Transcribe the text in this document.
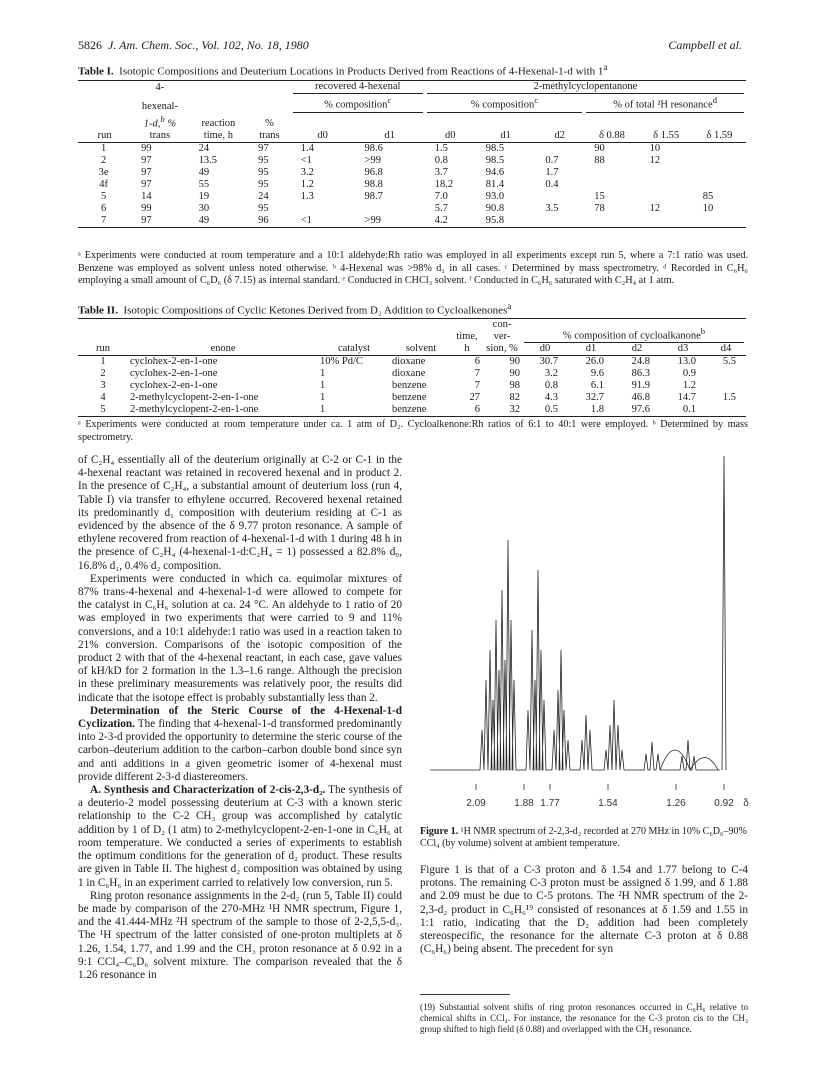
5826 J. Am. Chem. Soc., Vol. 102, No. 18, 1980	Campbell et al.
Table I. Isotopic Compositions and Deuterium Locations in Products Derived from Reactions of 4-Hexenal-1-d with 1$^a$
	4-			recovered 4-hexenal		2-methylcyclopentanone					

	hexenal-			% composition$^c$		% composition$^c$			% of total ²H resonance$^d$

	1-d,$^b$ %	reaction	%								
run	trans	time, h	trans	d0	d1	d0	d1	d2	δ 0.88	δ 1.55	δ 1.59
1	99	24	97	1.4	98.6	1.5	98.5		90	10	
2	97	13.5	95	<1	>99	0.8	98.5	0.7	88	12	
3e	97	49	95	3.2	96.8	3.7	94.6	1.7			
4f	97	55	95	1.2	98.8	18.2	81.4	0.4			
5	14	19	24	1.3	98.7	7.0	93.0		15		85
6	99	30	95			5.7	90.8	3.5	78	12	10
7	97	49	96	<1	>99	4.2	95.8				
ᵃ Experiments were conducted at room temperature and a 10:1 aldehyde:Rh ratio was employed in all experiments except run 5, where a 7:1 ratio was used. Benzene was employed as solvent unless noted otherwise. ᵇ 4-Hexenal was >98% d₁ in all cases. ᶜ Determined by mass spectrometry. ᵈ Recorded in C₆H₆ employing a small amount of C₆D₆ (δ 7.15) as internal standard. ᵉ Conducted in CHCl₃ solvent. ᶠ Conducted in C₆H₆ saturated with C₂H₄ at 1 atm.
Table II. Isotopic Compositions of Cyclic Ketones Derived from D₂ Addition to Cycloalkenones$^a$
					con-	% composition of cycloalkanone$^b$

				time,	ver-					
run	enone	catalyst	solvent	h	sion, %	d0	d1	d2	d3	d4
1	cyclohex-2-en-1-one	10% Pd/C	dioxane	6	90	30.7	26.0	24.8	13.0	5.5
2	cyclohex-2-en-1-one	1	dioxane	7	90	3.2	9.6	86.3	0.9	
3	cyclohex-2-en-1-one	1	benzene	7	98	0.8	6.1	91.9	1.2	
4	2-methylcyclopent-2-en-1-one	1	benzene	27	82	4.3	32.7	46.8	14.7	1.5
5	2-methylcyclopent-2-en-1-one	1	benzene	6	32	0.5	1.8	97.6	0.1	
ᵃ Experiments were conducted at room temperature under ca. 1 atm of D₂. Cycloalkenone:Rh ratios of 6:1 to 40:1 were employed. ᵇ Determined by mass spectrometry.

of C₂H₄ essentially all of the deuterium originally at C-2 or C-1 in the 4-hexenal reactant was retained in recovered hexenal and in product 2. In the presence of C₂H₄, a substantial amount of deuterium loss (run 4, Table I) via transfer to ethylene occurred. Recovered hexenal retained its predominantly d₁ composition with deuterium residing at C-1 as evidenced by the absence of the δ 9.77 proton resonance. A sample of ethylene recovered from reaction of 4-hexenal-1-d with 1 during 48 h in the presence of C₂H₄ (4-hexenal-1-d:C₂H₄ = 1) possessed a 82.8% d₀, 16.8% d₁, 0.4% d₂ composition.

Experiments were conducted in which ca. equimolar mixtures of 87% trans-4-hexenal and 4-hexenal-1-d were allowed to compete for the catalyst in C₆H₆ solution at ca. 24 °C. An aldehyde to 1 ratio of 20 was employed in two experiments that were carried to 9 and 11% conversions, and a 10:1 aldehyde:1 ratio was used in a reaction taken to 21% conversion. Comparisons of the isotopic composition of the product 2 with that of the 4-hexenal reactant, in each case, gave values of kH/kD for 2 formation in the 1.3–1.6 range. Although the precision in these preliminary measurements was relatively poor, the results did indicate that the isotope effect is probably substantially less than 2.

Determination of the Steric Course of the 4-Hexenal-1-d Cyclization. The finding that 4-hexenal-1-d transformed predominantly into 2-3-d provided the opportunity to determine the steric course of the carbon–deuterium addition to the carbon–carbon double bond since syn and anti additions in a given geometric isomer of 4-hexenal must provide different 2-3-d diastereomers.

A. Synthesis and Characterization of 2-cis-2,3-d₂. The synthesis of a deuterio-2 model possessing deuterium at C-3 with a known steric relationship to the C-2 CH₃ group was accomplished by catalytic addition by 1 of D₂ (1 atm) to 2-methylcyclopent-2-en-1-one in C₆H₆ at room temperature. We conducted a series of experiments to establish the optimum conditions for the generation of d₂ product. These results are given in Table II. The highest d₂ composition was obtained by using 1 in C₆H₆ in an experiment carried to relatively low conversion, run 5.

Ring proton resonance assignments in the 2-d₂ (run 5, Table II) could be made by comparison of the 270-MHz ¹H NMR spectrum, Figure 1, and the 41.444-MHz ²H spectrum of the sample to those of 2-2,5,5-d₃. The ¹H spectrum of the latter consisted of one-proton multiplets at δ 1.26, 1.54, 1.77, and 1.99 and the CH₃ proton resonance at δ 0.92 in a 9:1 CCl₄–C₆D₆ solvent mixture. The comparison revealed that the δ 1.26 resonance in

2.09	1.88 1.77	1.54	1.26	0.92 δ
Figure 1. ¹H NMR spectrum of 2-2,3-d₂ recorded at 270 MHz in 10% C₆D₆–90% CCl₄ (by volume) solvent at ambient temperature.

Figure 1 is that of a C-3 proton and δ 1.54 and 1.77 belong to C-4 protons. The remaining C-3 proton must be assigned δ 1.99, and δ 1.88 and 2.09 must be due to C-5 protons. The ²H NMR spectrum of the 2-2,3-d₂ product in C₆H₆¹⁹ consisted of resonances at δ 1.59 and 1.55 in 1:1 ratio, indicating that the D₂ addition had been completely stereospecific, the resonance for the alternate C-3 proton at δ 0.88 (C₆H₆) being absent. The precedent for syn

(19) Substantial solvent shifts of ring proton resonances occurred in C₆H₆ relative to chemical shifts in CCl₄. For instance, the resonance for the C-3 proton cis to the CH₃ group shifted to high field (δ 0.88) and overlapped with the CH₃ resonance.
